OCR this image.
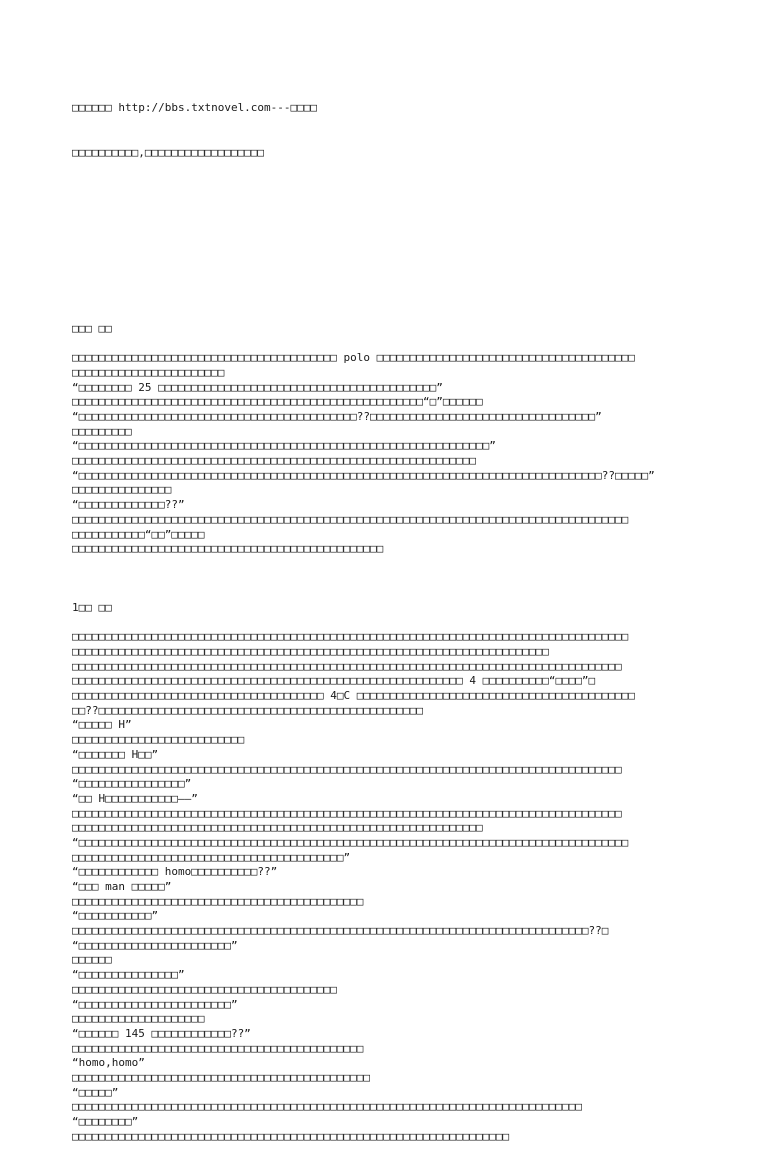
□□□□□□ http://bbs.txtnovel.com---□□□□

□□□□□□□□□□,□□□□□□□□□□□□□□□□□□

□□□ □□
□□□□□□□□□□□□□□□□□□□□□□□□□□□□□□□□□□□□□□□□ polo □□□□□□□□□□□□□□□□□□□□□□□□□□□□□□□□□□□□□□□
□□□□□□□□□□□□□□□□□□□□□□□
“□□□□□□□□ 25 □□□□□□□□□□□□□□□□□□□□□□□□□□□□□□□□□□□□□□□□□□”
□□□□□□□□□□□□□□□□□□□□□□□□□□□□□□□□□□□□□□□□□□□□□□□□□□□□□“□”□□□□□□
“□□□□□□□□□□□□□□□□□□□□□□□□□□□□□□□□□□□□□□□□□□??□□□□□□□□□□□□□□□□□□□□□□□□□□□□□□□□□□”
□□□□□□□□□
“□□□□□□□□□□□□□□□□□□□□□□□□□□□□□□□□□□□□□□□□□□□□□□□□□□□□□□□□□□□□□□”
□□□□□□□□□□□□□□□□□□□□□□□□□□□□□□□□□□□□□□□□□□□□□□□□□□□□□□□□□□□□□
“□□□□□□□□□□□□□□□□□□□□□□□□□□□□□□□□□□□□□□□□□□□□□□□□□□□□□□□□□□□□□□□□□□□□□□□□□□□□□□□??□□□□□”
□□□□□□□□□□□□□□□
“□□□□□□□□□□□□□??”
□□□□□□□□□□□□□□□□□□□□□□□□□□□□□□□□□□□□□□□□□□□□□□□□□□□□□□□□□□□□□□□□□□□□□□□□□□□□□□□□□□□□
□□□□□□□□□□□“□□”□□□□□
□□□□□□□□□□□□□□□□□□□□□□□□□□□□□□□□□□□□□□□□□□□□□□□
1□□ □□
□□□□□□□□□□□□□□□□□□□□□□□□□□□□□□□□□□□□□□□□□□□□□□□□□□□□□□□□□□□□□□□□□□□□□□□□□□□□□□□□□□□□
□□□□□□□□□□□□□□□□□□□□□□□□□□□□□□□□□□□□□□□□□□□□□□□□□□□□□□□□□□□□□□□□□□□□□□□□
□□□□□□□□□□□□□□□□□□□□□□□□□□□□□□□□□□□□□□□□□□□□□□□□□□□□□□□□□□□□□□□□□□□□□□□□□□□□□□□□□□□
□□□□□□□□□□□□□□□□□□□□□□□□□□□□□□□□□□□□□□□□□□□□□□□□□□□□□□□□□□□ 4 □□□□□□□□□□“□□□□”□
□□□□□□□□□□□□□□□□□□□□□□□□□□□□□□□□□□□□□□ 4□C □□□□□□□□□□□□□□□□□□□□□□□□□□□□□□□□□□□□□□□□□□
□□??□□□□□□□□□□□□□□□□□□□□□□□□□□□□□□□□□□□□□□□□□□□□□□□□□
“□□□□□ H”
□□□□□□□□□□□□□□□□□□□□□□□□□□
“□□□□□□□ H□□”
□□□□□□□□□□□□□□□□□□□□□□□□□□□□□□□□□□□□□□□□□□□□□□□□□□□□□□□□□□□□□□□□□□□□□□□□□□□□□□□□□□□
“□□□□□□□□□□□□□□□□”
“□□ H□□□□□□□□□□□——”
□□□□□□□□□□□□□□□□□□□□□□□□□□□□□□□□□□□□□□□□□□□□□□□□□□□□□□□□□□□□□□□□□□□□□□□□□□□□□□□□□□□
□□□□□□□□□□□□□□□□□□□□□□□□□□□□□□□□□□□□□□□□□□□□□□□□□□□□□□□□□□□□□□
“□□□□□□□□□□□□□□□□□□□□□□□□□□□□□□□□□□□□□□□□□□□□□□□□□□□□□□□□□□□□□□□□□□□□□□□□□□□□□□□□□□□
□□□□□□□□□□□□□□□□□□□□□□□□□□□□□□□□□□□□□□□□□”
“□□□□□□□□□□□□ homo□□□□□□□□□□??”
“□□□ man □□□□□”
□□□□□□□□□□□□□□□□□□□□□□□□□□□□□□□□□□□□□□□□□□□□
“□□□□□□□□□□□”
□□□□□□□□□□□□□□□□□□□□□□□□□□□□□□□□□□□□□□□□□□□□□□□□□□□□□□□□□□□□□□□□□□□□□□□□□□□□□□??□
“□□□□□□□□□□□□□□□□□□□□□□□”
□□□□□□
“□□□□□□□□□□□□□□□”
□□□□□□□□□□□□□□□□□□□□□□□□□□□□□□□□□□□□□□□□
“□□□□□□□□□□□□□□□□□□□□□□□”
□□□□□□□□□□□□□□□□□□□□
“□□□□□□ 145 □□□□□□□□□□□□??”
□□□□□□□□□□□□□□□□□□□□□□□□□□□□□□□□□□□□□□□□□□□□
“homo,homo”
□□□□□□□□□□□□□□□□□□□□□□□□□□□□□□□□□□□□□□□□□□□□□
“□□□□□”
□□□□□□□□□□□□□□□□□□□□□□□□□□□□□□□□□□□□□□□□□□□□□□□□□□□□□□□□□□□□□□□□□□□□□□□□□□□□□
“□□□□□□□□”
□□□□□□□□□□□□□□□□□□□□□□□□□□□□□□□□□□□□□□□□□□□□□□□□□□□□□□□□□□□□□□□□□□
